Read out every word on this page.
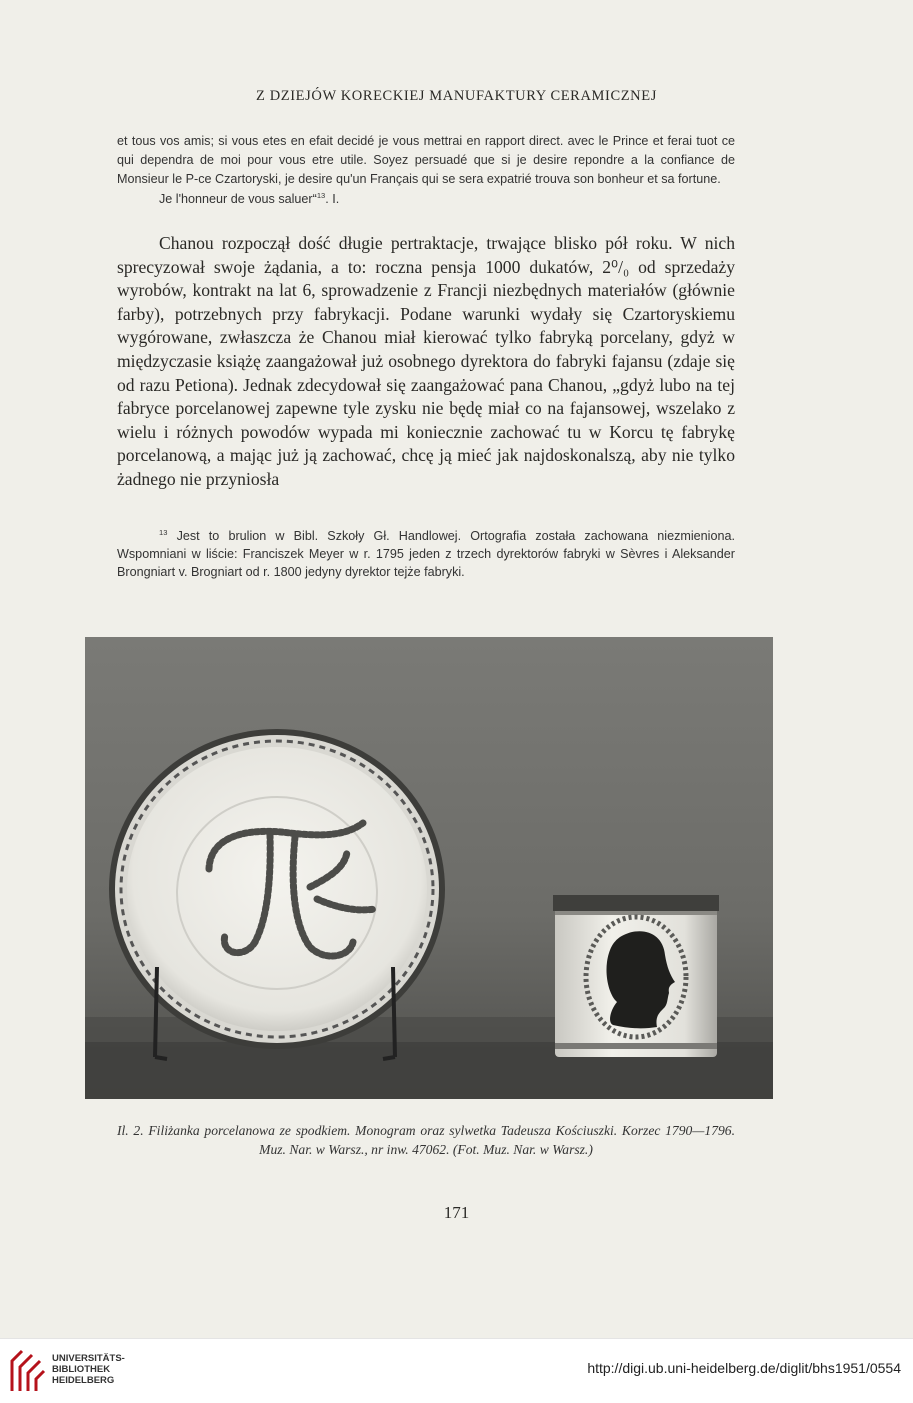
Z DZIEJÓW KORECKIEJ MANUFAKTURY CERAMICZNEJ

et tous vos amis; si vous etes en efait decidé je vous mettrai en rapport direct. avec le Prince et ferai tuot ce qui dependra de moi pour vous etre utile. Soyez persuadé que si je desire repondre a la confiance de Monsieur le P-ce Czartoryski, je desire qu'un Français qui se sera expatrié trouva son bonheur et sa fortune.

Je l'honneur de vous saluer“$^{13}$. I.

Chanou rozpoczął dość długie pertraktacje, trwające blisko pół roku. W nich sprecyzował swoje żądania, a to: roczna pensja 1000 dukatów, 2⁰/₀ od sprzedaży wyrobów, kontrakt na lat 6, sprowadzenie z Francji niezbędnych materiałów (głównie farby), potrzebnych przy fabrykacji. Podane warunki wydały się Czartoryskiemu wygórowane, zwłaszcza że Chanou miał kierować tylko fabryką porcelany, gdyż w międzyczasie książę zaangażował już osobnego dyrektora do fabryki fajansu (zdaje się od razu Petiona). Jednak zdecydował się zaangażować pana Chanou, „gdyż lubo na tej fabryce porcelanowej zapewne tyle zysku nie będę miał co na fajansowej, wszelako z wielu i różnych powodów wypada mi koniecznie zachować tu w Korcu tę fabrykę porcelanową, a mając już ją zachować, chcę ją mieć jak najdoskonalszą, aby nie tylko żadnego nie przyniosła

$^{13}$ Jest to brulion w Bibl. Szkoły Gł. Handlowej. Ortografia została zachowana niezmieniona. Wspomniani w liście: Franciszek Meyer w r. 1795 jeden z trzech dyrektorów fabryki w Sèvres i Aleksander Brongniart v. Brogniart od r. 1800 jedyny dyrektor tejże fabryki.

Il. 2. Filiżanka porcelanowa ze spodkiem. Monogram oraz sylwetka Tadeusza Kościuszki. Korzec 1790—1796. Muz. Nar. w Warsz., nr inw. 47062. (Fot. Muz. Nar. w Warsz.)

171
UNIVERSITÄTS-
BIBLIOTHEK
HEIDELBERG
http://digi.ub.uni-heidelberg.de/diglit/bhs1951/0554
